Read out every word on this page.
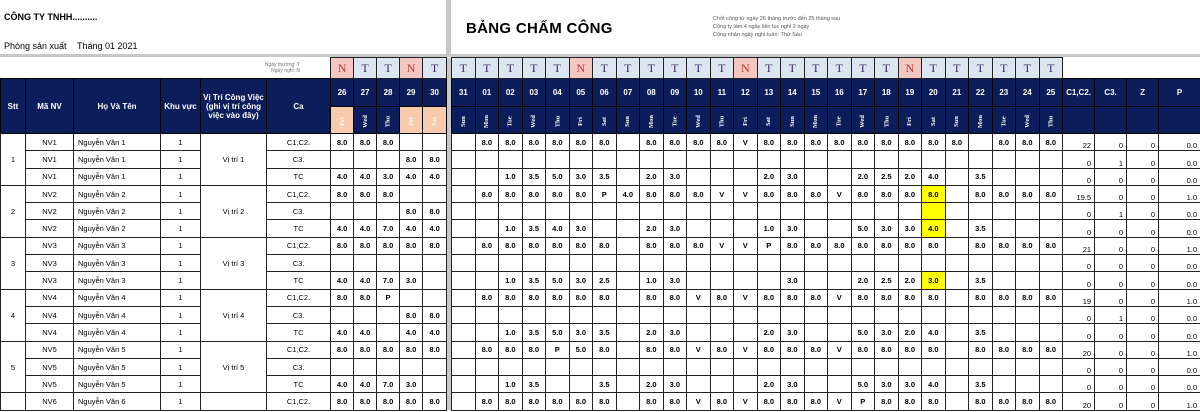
CÔNG TY TNHH..........
Phòng sản xuất Tháng 01 2021
BẢNG CHẤM CÔNG
Chốt công từ ngày 26 tháng trước đến 25 tháng sau
Công ty làm 4 ngày liên tục nghỉ 2 ngày
Công nhân ngày nghỉ tuần: Thứ Sáu
Ngày thường: T
Ngày nghỉ: N						N	T	T	N	T		T	T	T	T	T	N	T	T	T	T	T	T	N	T	T	T	T	T	T	N	T	T	T	T	T	T				
Stt	Mã NV	Họ Và Tên	Khu vực	Vị Trí Công Việc (ghi vị trí công việc vào đây)	Ca	26	27	28	29	30		31	01	02	03	04	05	06	07	08	09	10	11	12	13	14	15	16	17	18	19	20	21	22	23	24	25	C1,C2.	C3.	Z	P
						Fri	Wed	Thu	Fri	Sat		Sun	Mon	Tue	Wed	Thu	Fri	Sat	Sun	Mon	Tue	Wed	Thu	Fri	Sat	Sun	Mon	Tue	Wed	Thu	Fri	Sat	Sun	Mon	Tue	Wed	Thu				
1	NV1	Nguyễn Văn 1	1	Vị trí 1	C1,C2.	8.0	8.0	8.0					8.0	8.0	8.0	8.0	8.0	8.0		8.0	8.0	8.0	8.0	V	8.0	8.0	8.0	8.0	8.0	8.0	8.0	8.0	8.0		8.0	8.0	8.0	22	0	0	0.0
	NV1	Nguyễn Văn 1	1		C3.				8.0	8.0																												0	1	0	0.0
	NV1	Nguyễn Văn 1	1		TC	4.0	4.0	3.0	4.0	4.0				1.0	3.5	5.0	3.0	3.5		2.0	3.0				2.0	3.0			2.0	2.5	2.0	4.0		3.5				0	0	0	0.0
2	NV2	Nguyễn Văn 2	1	Vị trí 2	C1,C2.	8.0	8.0	8.0					8.0	8.0	8.0	8.0	8.0	P	4.0	8.0	8.0	8.0	V	V	8.0	8.0	8.0	V	8.0	8.0	8.0	8.0		8.0	8.0	8.0	8.0	19.5	0	0	1.0
	NV2	Nguyễn Văn 2	1		C3.				8.0	8.0																												0	1	0	0.0
	NV2	Nguyễn Văn 2	1		TC	4.0	4.0	7.0	4.0	4.0				1.0	3.5	4.0	3.0			2.0	3.0				1.0	3.0			5.0	3.0	3.0	4.0		3.5				0	0	0	0.0
3	NV3	Nguyễn Văn 3	1	Vị trí 3	C1,C2.	8.0	8.0	8.0	8.0	8.0			8.0	8.0	8.0	8.0	8.0	8.0		8.0	8.0	8.0	V	V	P	8.0	8.0	8.0	8.0	8.0	8.0	8.0		8.0	8.0	8.0	8.0	21	0	0	1.0
	NV3	Nguyễn Văn 3	1		C3.																																	0	0	0	0.0
	NV3	Nguyễn Văn 3	1		TC	4.0	4.0	7.0	3.0					1.0	3.5	5.0	3.0	2.5		1.0	3.0					3.0			2.0	2.5	2.0	3.0		3.5				0	0	0	0.0
4	NV4	Nguyễn Văn 4	1	Vị trí 4	C1,C2.	8.0	8.0	P					8.0	8.0	8.0	8.0	8.0	8.0		8.0	8.0	V	8.0	V	8.0	8.0	8.0	V	8.0	8.0	8.0	8.0		8.0	8.0	8.0	8.0	19	0	0	1.0
	NV4	Nguyễn Văn 4	1		C3.				8.0	8.0																												0	1	0	0.0
	NV4	Nguyễn Văn 4	1		TC	4.0	4.0		4.0	4.0				1.0	3.5	5.0	3.0	3.5		2.0	3.0				2.0	3.0			5.0	3.0	2.0	4.0		3.5				0	0	0	0.0
5	NV5	Nguyễn Văn 5	1	Vị trí 5	C1,C2.	8.0	8.0	8.0	8.0	8.0			8.0	8.0	8.0	P	5.0	8.0		8.0	8.0	V	8.0	V	8.0	8.0	8.0	V	8.0	8.0	8.0	8.0		8.0	8.0	8.0	8.0	20	0	0	1.0
	NV5	Nguyễn Văn 5	1		C3.																																	0	0	0	0.0
	NV5	Nguyễn Văn 5	1		TC	4.0	4.0	7.0	3.0					1.0	3.5			3.5		2.0	3.0				2.0	3.0			5.0	3.0	3.0	4.0		3.5				0	0	0	0.0
	NV6	Nguyễn Văn 6	1		C1,C2.	8.0	8.0	8.0	8.0	8.0			8.0	8.0	8.0	8.0	8.0	8.0		8.0	8.0	V	8.0	V	8.0	8.0	8.0	V	P	8.0	8.0	8.0		8.0	8.0	8.0	8.0	20	0	0	1.0
